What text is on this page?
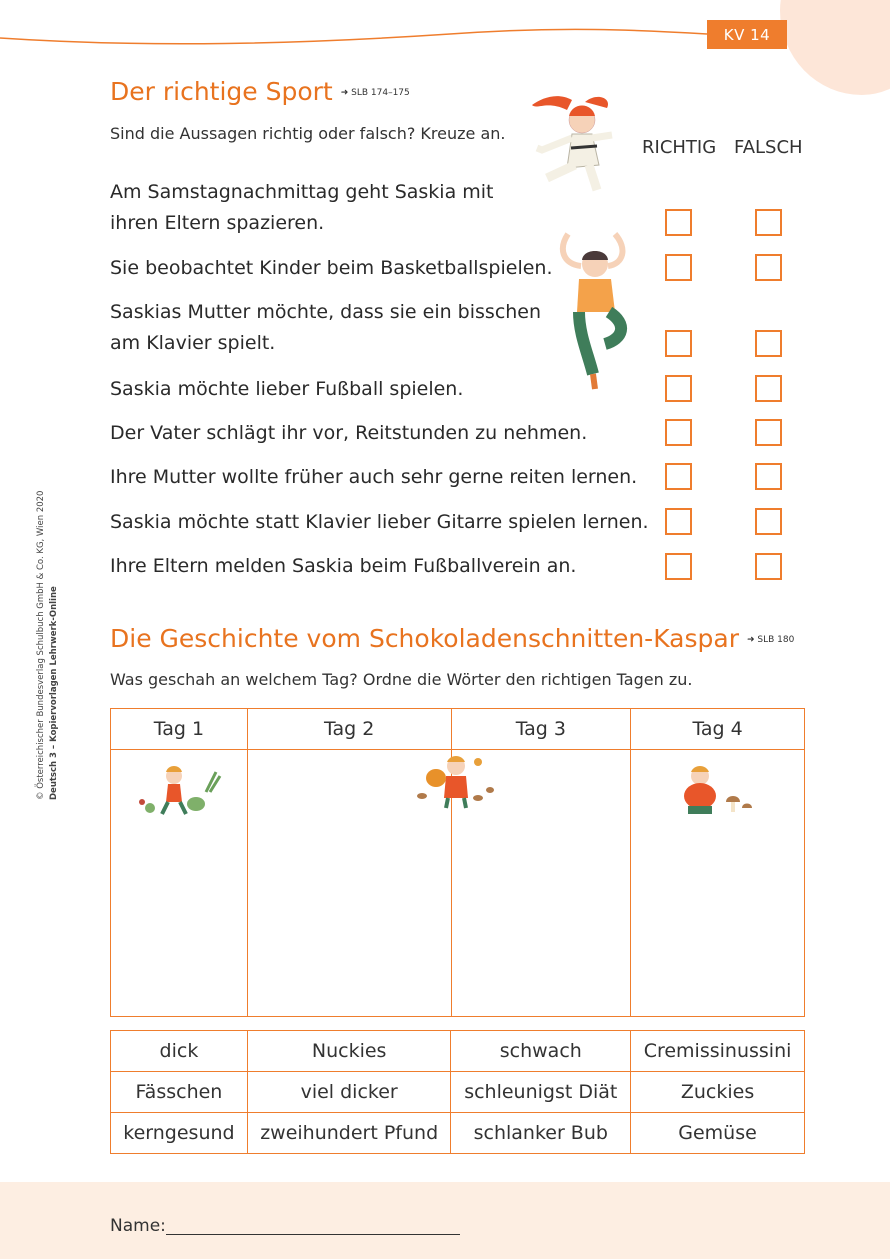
KV 14
© Österreichischer Bundesverlag Schulbuch GmbH & Co. KG, Wien 2020 Deutsch 3 – Kopiervorlagen Lehrwerk-Online
Der richtige Sport ➜ SLB 174–175
Sind die Aussagen richtig oder falsch? Kreuze an.
RICHTIG FALSCH
Am Samstagnachmittag geht Saskia mit ihren Eltern spazieren.
Sie beobachtet Kinder beim Basketballspielen.
Saskias Mutter möchte, dass sie ein bisschen am Klavier spielt.
Saskia möchte lieber Fußball spielen.
Der Vater schlägt ihr vor, Reitstunden zu nehmen.
Ihre Mutter wollte früher auch sehr gerne reiten lernen.
Saskia möchte statt Klavier lieber Gitarre spielen lernen.
Ihre Eltern melden Saskia beim Fußballverein an.
Die Geschichte vom Schokoladenschnitten-Kaspar ➜ SLB 180
Was geschah an welchem Tag? Ordne die Wörter den richtigen Tagen zu.
Tag 1	Tag 2	Tag 3	Tag 4

dick	Nuckies	schwach	Cremissinussini
Fässchen	viel dicker	schleunigst Diät	Zuckies
kerngesund	zweihundert Pfund	schlanker Bub	Gemüse
Name:
